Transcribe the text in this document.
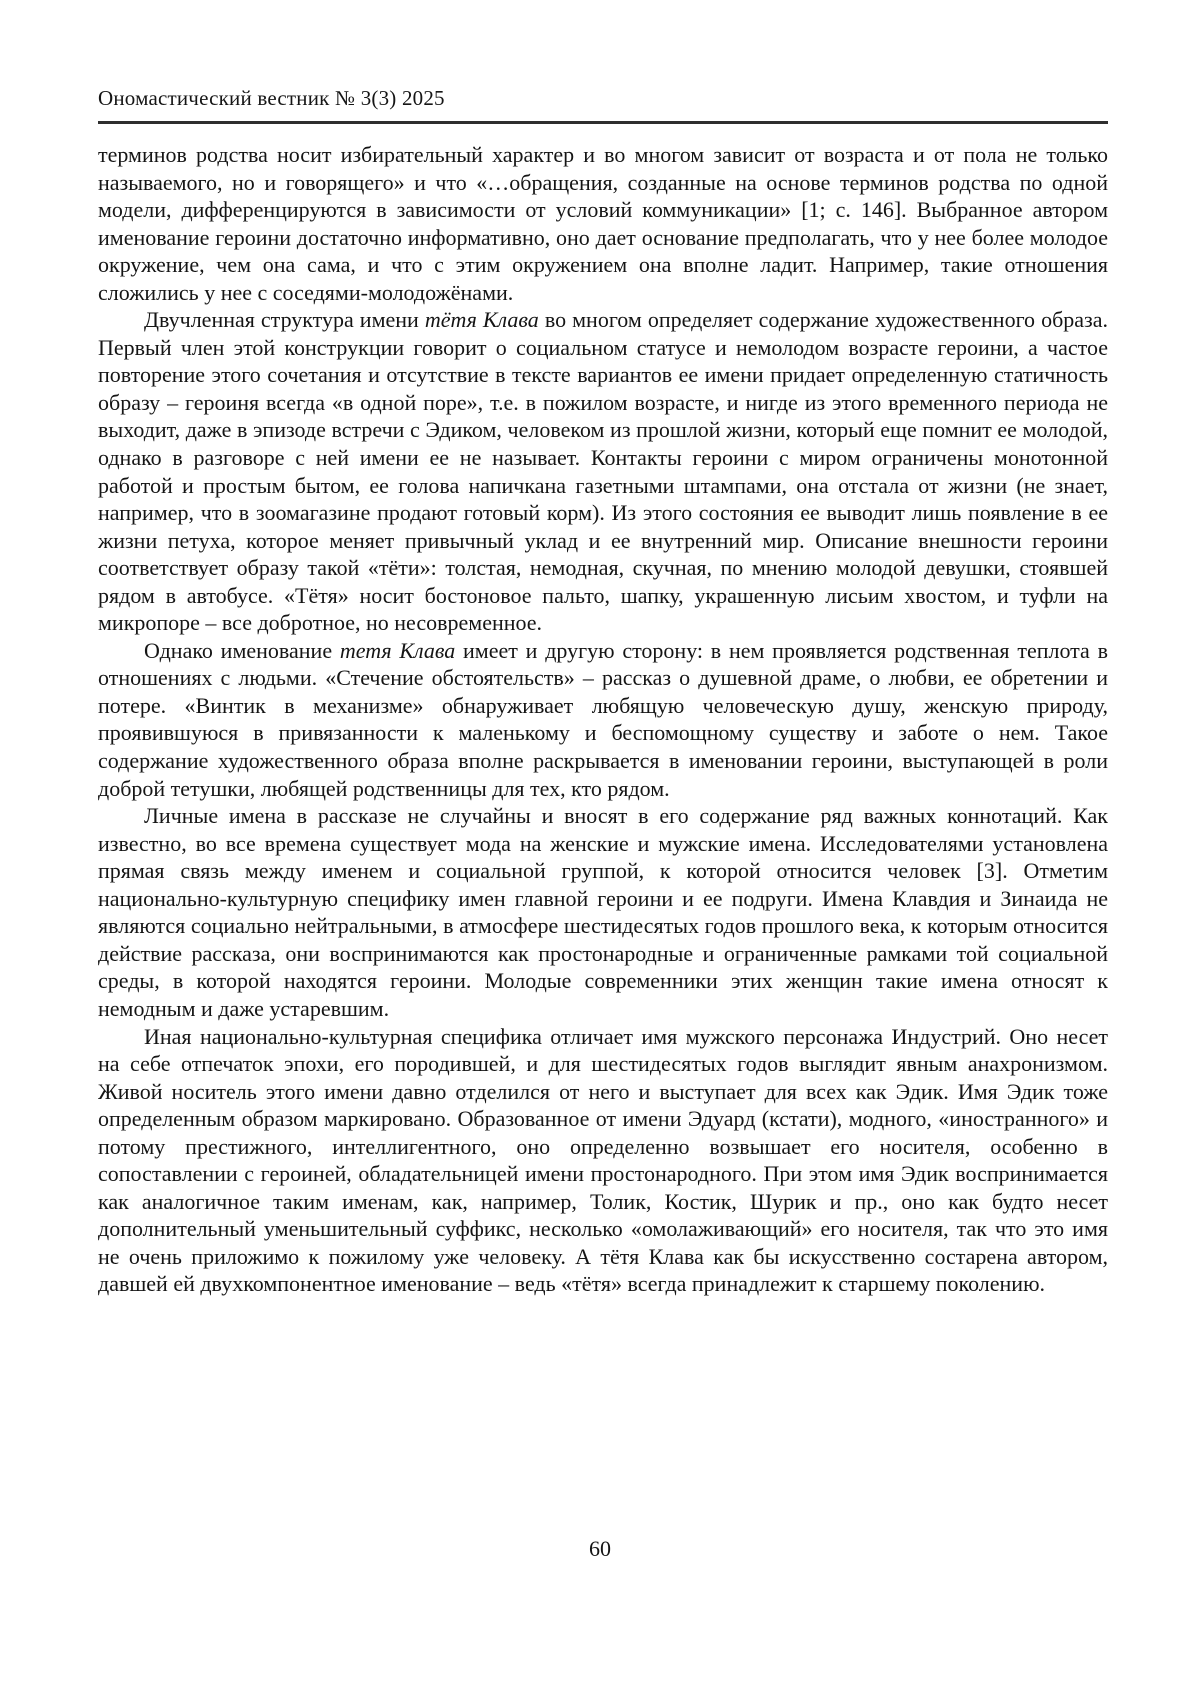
Ономастический вестник № 3(3) 2025

терминов родства носит избирательный характер и во многом зависит от возраста и от пола не только называемого, но и говорящего» и что «…обращения, созданные на основе терминов родства по одной модели, дифференцируются в зависимости от условий коммуникации» [1; с. 146]. Выбранное автором именование героини достаточно информативно, оно дает основание предполагать, что у нее более молодое окружение, чем она сама, и что с этим окружением она вполне ладит. Например, такие отношения сложились у нее с соседями-молодожёнами.

Двучленная структура имени тётя Клава во многом определяет содержание художественного образа. Первый член этой конструкции говорит о социальном статусе и немолодом возрасте героини, а частое повторение этого сочетания и отсутствие в тексте вариантов ее имени придает определенную статичность образу – героиня всегда «в одной поре», т.е. в пожилом возрасте, и нигде из этого временного периода не выходит, даже в эпизоде встречи с Эдиком, человеком из прошлой жизни, который еще помнит ее молодой, однако в разговоре с ней имени ее не называет. Контакты героини с миром ограничены монотонной работой и простым бытом, ее голова напичкана газетными штампами, она отстала от жизни (не знает, например, что в зоомагазине продают готовый корм). Из этого состояния ее выводит лишь появление в ее жизни петуха, которое меняет привычный уклад и ее внутренний мир. Описание внешности героини соответствует образу такой «тёти»: толстая, немодная, скучная, по мнению молодой девушки, стоявшей рядом в автобусе. «Тётя» носит бостоновое пальто, шапку, украшенную лисьим хвостом, и туфли на микропоре – все добротное, но несовременное.

Однако именование тетя Клава имеет и другую сторону: в нем проявляется родственная теплота в отношениях с людьми. «Стечение обстоятельств» – рассказ о душевной драме, о любви, ее обретении и потере. «Винтик в механизме» обнаруживает любящую человеческую душу, женскую природу, проявившуюся в привязанности к маленькому и беспомощному существу и заботе о нем. Такое содержание художественного образа вполне раскрывается в именовании героини, выступающей в роли доброй тетушки, любящей родственницы для тех, кто рядом.

Личные имена в рассказе не случайны и вносят в его содержание ряд важных коннотаций. Как известно, во все времена существует мода на женские и мужские имена. Исследователями установлена прямая связь между именем и социальной группой, к которой относится человек [3]. Отметим национально-культурную специфику имен главной героини и ее подруги. Имена Клавдия и Зинаида не являются социально нейтральными, в атмосфере шестидесятых годов прошлого века, к которым относится действие рассказа, они воспринимаются как простонародные и ограниченные рамками той социальной среды, в которой находятся героини. Молодые современники этих женщин такие имена относят к немодным и даже устаревшим.

Иная национально-культурная специфика отличает имя мужского персонажа Индустрий. Оно несет на себе отпечаток эпохи, его породившей, и для шестидесятых годов выглядит явным анахронизмом. Живой носитель этого имени давно отделился от него и выступает для всех как Эдик. Имя Эдик тоже определенным образом маркировано. Образованное от имени Эдуард (кстати), модного, «иностранного» и потому престижного, интеллигентного, оно определенно возвышает его носителя, особенно в сопоставлении с героиней, обладательницей имени простонародного. При этом имя Эдик воспринимается как аналогичное таким именам, как, например, Толик, Костик, Шурик и пр., оно как будто несет дополнительный уменьшительный суффикс, несколько «омолаживающий» его носителя, так что это имя не очень приложимо к пожилому уже человеку. А тётя Клава как бы искусственно состарена автором, давшей ей двухкомпонентное именование – ведь «тётя» всегда принадлежит к старшему поколению.

60
